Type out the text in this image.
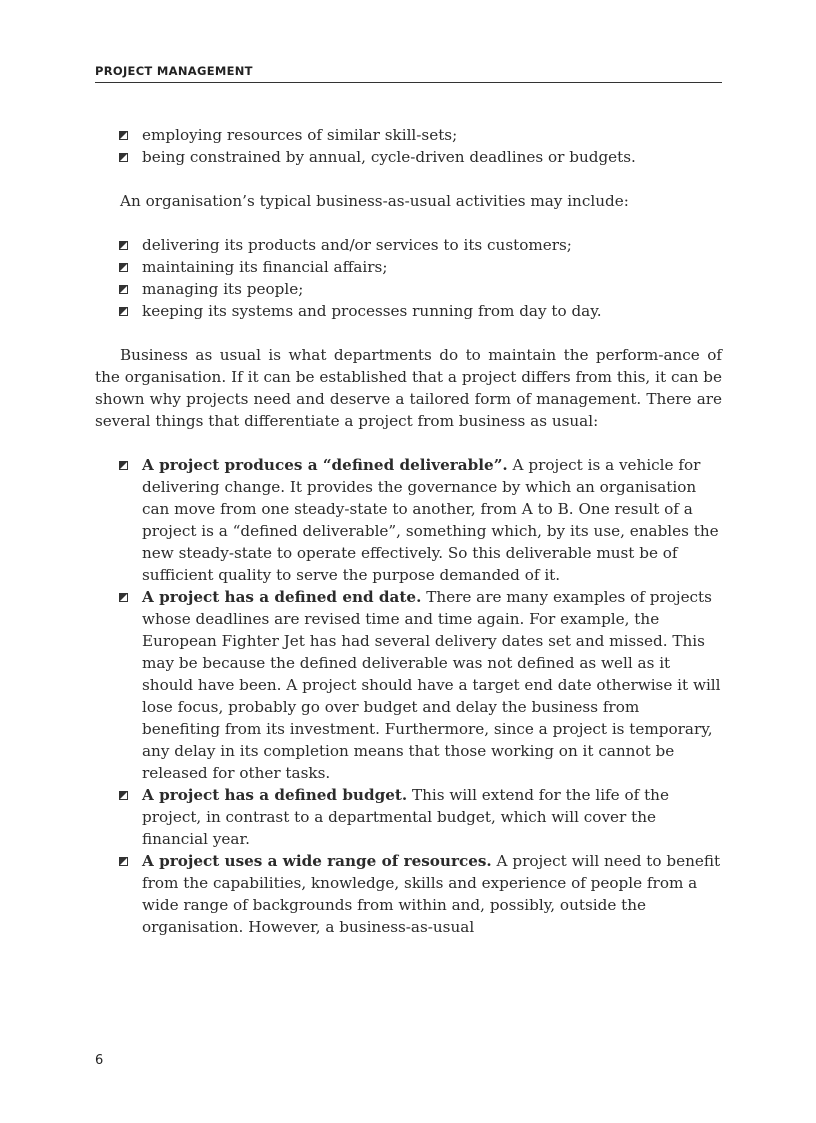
PROJECT MANAGEMENT
employing resources of similar skill-sets;
being constrained by annual, cycle-driven deadlines or budgets.

An organisation’s typical business-as-usual activities may include:

delivering its products and/or services to its customers;
maintaining its financial affairs;
managing its people;
keeping its systems and processes running from day to day.

Business as usual is what departments do to maintain the perform-ance of the organisation. If it can be established that a project differs from this, it can be shown why projects need and deserve a tailored form of management. There are several things that differentiate a project from business as usual:

A project produces a “defined deliverable”. A project is a vehicle for delivering change. It provides the governance by which an organisation can move from one steady-state to another, from A to B. One result of a project is a “defined deliverable”, something which, by its use, enables the new steady-state to operate effectively. So this deliverable must be of sufficient quality to serve the purpose demanded of it.
A project has a defined end date. There are many examples of projects whose deadlines are revised time and time again. For example, the European Fighter Jet has had several delivery dates set and missed. This may be because the defined deliverable was not defined as well as it should have been. A project should have a target end date otherwise it will lose focus, probably go over budget and delay the business from benefiting from its investment. Furthermore, since a project is temporary, any delay in its completion means that those working on it cannot be released for other tasks.
A project has a defined budget. This will extend for the life of the project, in contrast to a departmental budget, which will cover the financial year.
A project uses a wide range of resources. A project will need to benefit from the capabilities, knowledge, skills and experience of people from a wide range of backgrounds from within and, possibly, outside the organisation. However, a business-as-usual
6
